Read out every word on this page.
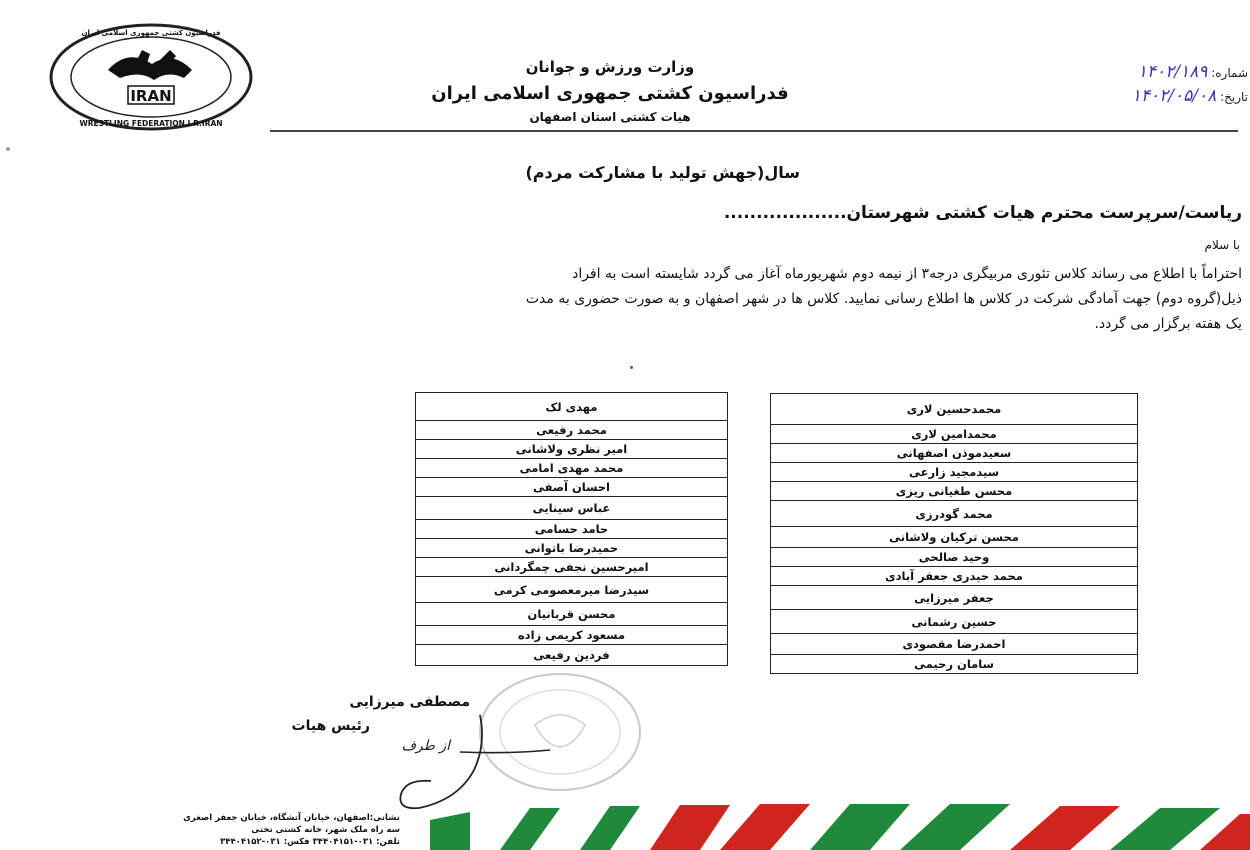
IRAN
WRESTLING FEDERATION I.R.IRAN
فدراسیون کشتی جمهوری اسلامی ایران
وزارت ورزش و جوانان
فدراسیون کشتی جمهوری اسلامی ایران
هیات کشتی استان اصفهان
شماره: ۱۴۰۲/۱۸۹
تاریخ: ۱۴۰۲/۰۵/۰۸
سال(جهش تولید با مشارکت مردم)
ریاست/سرپرست محترم هیات کشتی شهرستان...................
با سلام
احتراماً با اطلاع می رساند کلاس تئوری مربیگری درجه۳ از نیمه دوم شهریورماه آغاز می گردد شایسته است به افراد
ذیل(گروه دوم) جهت آمادگی شرکت در کلاس ها اطلاع رسانی نمایید. کلاس ها در شهر اصفهان و به صورت حضوری به مدت
یک هفته برگزار می گردد.
محمدحسین لاری
محمدامین لاری
سعیدموذن اصفهانی
سیدمجید زارعی
محسن طغیانی ریزی
محمد گودرزی
محسن ترکیان ولاشانی
وحید صالحی
محمد حیدری جعفر آبادی
جعفر میرزایی
حسین رشمانی
احمدرضا مقصودی
سامان رحیمی
مهدی لک
محمد رفیعی
امیر نظری ولاشانی
محمد مهدی امامی
احسان آصفی
عباس سینایی
حامد حسامی
حمیدرضا باتوانی
امیرحسین نجفی چمگردانی
سیدرضا میرمعصومی کرمی
محسن قربانیان
مسعود کریمی زاده
فردین رفیعی
مصطفی میرزایی
رئیس هیات
از طرف
نشانی:اصفهان، خیابان آتشگاه، خیابان جعفر اصغری
سه راه ملک شهر، خانه کشتی تختی
تلفن: ۰۳۱-۳۴۴۰۴۱۵۱ فکس: ۰۳۱-۳۴۴۰۴۱۵۲
